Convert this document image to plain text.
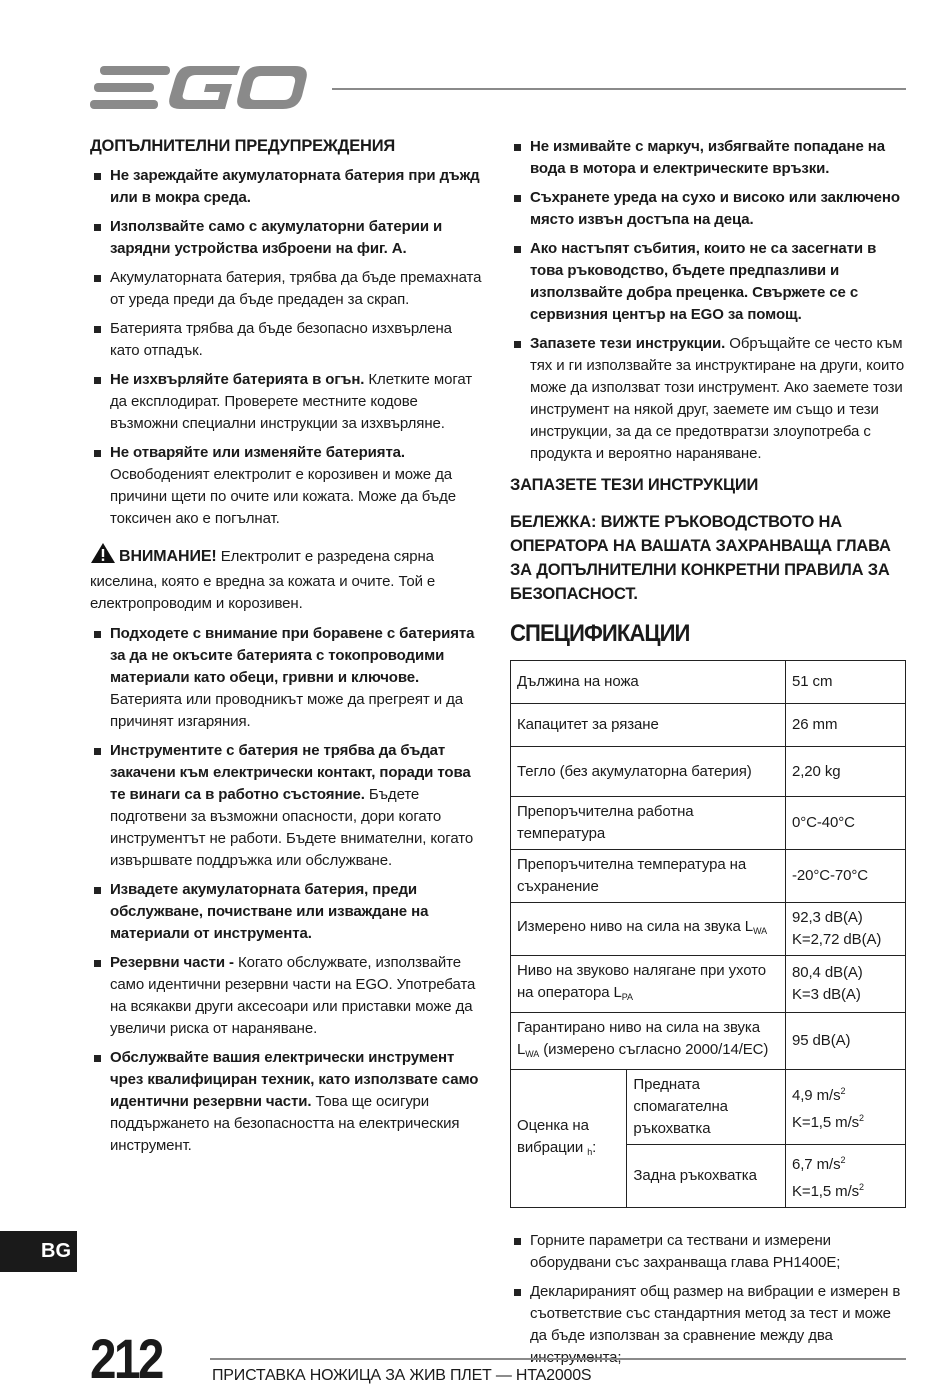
ДОПЪЛНИТЕЛНИ ПРЕДУПРЕЖДЕНИЯ
Не зареждайте акумулаторната батерия при дъжд или в мокра среда.
Използвайте само с акумулаторни батерии и зарядни устройства изброени на фиг. А.
Акумулаторната батерия, трябва да бъде премахната от уреда преди да бъде предаден за скрап.
Батерията трябва да бъде безопасно изхвърлена като отпадък.
Не изхвърляйте батерията в огън. Клетките могат да експлодират. Проверете местните кодове възможни специални инструкции за изхвърляне.
Не отваряйте или изменяйте батерията. Освободеният електролит е корозивен и може да причини щети по очите или кожата. Може да бъде токсичен ако е погълнат.
ВНИМАНИЕ! Електролит е разредена сярна киселина, която е вредна за кожата и очите. Той е електропроводим и корозивен.
Подходете с внимание при боравене с батерията за да не окъсите батерията с токопроводими материали като обеци, гривни и ключове. Батерията или проводникът може да прегреят и да причинят изгаряния.
Инструментите с батерия не трябва да бъдат закачени към електрически контакт, поради това те винаги са в работно състояние. Бъдете подготвени за възможни опасности, дори когато инструментът не работи. Бъдете внимателни, когато извършвате поддръжка или обслужване.
Извадете акумулаторната батерия, преди обслужване, почистване или изваждане на материали от инструмента.
Резервни части - Когато обслужвате, използвайте само идентични резервни части на EGO. Употребата на всякакви други аксесоари или приставки може да увеличи риска от нараняване.
Обслужвайте вашия електрически инструмент чрез квалифициран техник, като използвате само идентични резервни части. Това ще осигури поддържането на безопасността на електрическия инструмент.
Не измивайте с маркуч, избягвайте попадане на вода в мотора и електрическите връзки.
Съхранете уреда на сухо и високо или заключено място извън достъпа на деца.
Ако настъпят събития, които не са засегнати в това ръководство, бъдете предпазливи и използвайте добра преценка. Свържете се с сервизния център на EGO за помощ.
Запазете тези инструкции. Обръщайте се често към тях и ги използвайте за инструктиране на други, които може да използват този инструмент. Ако заемете този инструмент на някой друг, заемете им също и тези инструкции, за да се предотвратзи злоупотреба с продукта и вероятно нараняване.
ЗАПАЗЕТЕ ТЕЗИ ИНСТРУКЦИИ
БЕЛЕЖКА: ВИЖТЕ РЪКОВОДСТВОТО НА ОПЕРАТОРА НА ВАШАТА ЗАХРАНВАЩА ГЛАВА ЗА ДОПЪЛНИТЕЛНИ КОНКРЕТНИ ПРАВИЛА ЗА БЕЗОПАСНОСТ.
СПЕЦИФИКАЦИИ
Дължина на ножа		51 cm
Капацитет за рязане		26 mm
Тегло (без акумулаторна батерия)		2,20 kg
Препоръчителна работна температура		0°C-40°C
Препоръчителна температура на съхранение		-20°C-70°C
Измерено ниво на сила на звука $L_{WA}$		92,3 dB(A)
K=2,72 dB(A)

Ниво на звуково налягане при ухото на оператора $L_{PA}$		80,4 dB(A)
K=3 dB(A)

Гарантирано ниво на сила на звука
$L_{WA}$ (измерено съгласно 2000/14/EC)		95 dB(A)
Оценка на вибрации $_h$:	Предната спомагателна ръкохватка	4,9 $m/s^2$
K=1,5 $m/s^2$

	Задна ръкохватка	6,7 $m/s^2$
K=1,5 $m/s^2$
Горните параметри са тествани и измерени оборудвани със захранваща глава PH1400E;
Декларираният общ размер на вибрации е измерен в съответствие със стандартния метод за тест и може да бъде използван за сравнение между два
BG
212	ПРИСТАВКА НОЖИЦА ЗА ЖИВ ПЛЕТ — HTA2000S
